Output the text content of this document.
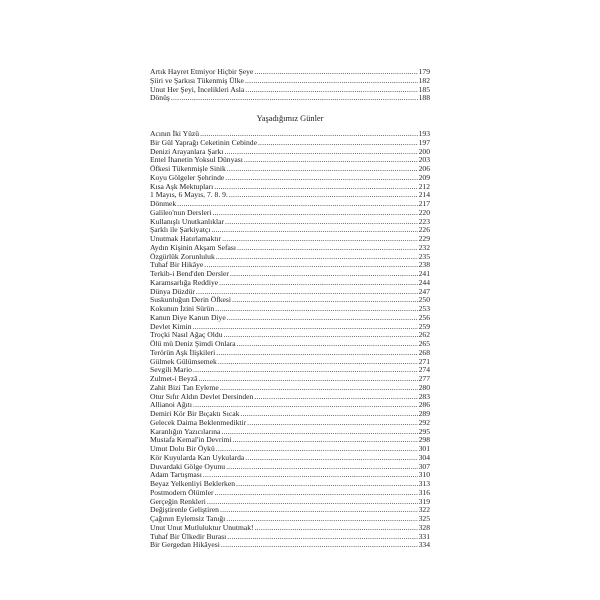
Artık Hayret Etmiyor Hiçbir Şeye .....	179
Şiiri ve Şarkısı Tükenmiş Ülke .....	182
Unut Her Şeyi, İncelikleri Asla .....	185
Dönüş .....	188
Yaşadığımız Günler
Acının İki Yüzü .....	193
Bir Gül Yaprağı Ceketinin Cebinde .....	197
Denizi Arayanlara Şarkı .....	200
Entel İhanetin Yoksul Dünyası .....	203
Öfkesi Tükenmişle Sinik .....	206
Koyu Gölgeler Şehrinde .....	209
Kısa Aşk Mektupları .....	212
1 Mayıs, 6 Mayıs, 7. 8. 9. .....	214
Dönmek .....	217
Galileo'nun Dersleri .....	220
Kullanışlı Unutkanlıklar .....	223
Şarklı ile Şarkiyatçı .....	226
Unutmak Hatırlamaktır .....	229
Aydın Kişinin Akşam Sefası .....	232
Özgürlük Zorunluluk .....	235
Tuhaf Bir Hikâye .....	238
Terkib-i Bend'den Dersler .....	241
Karamsarlığa Reddiye .....	244
Dünya Düzdür .....	247
Suskunluğun Derin Öfkesi .....	250
Kokunun İzini Sürün .....	253
Kanun Diye Kanun Diye .....	256
Devlet Kimin .....	259
Troçki Nasıl Ağaç Oldu .....	262
Ölü mü Deniz Şimdi Onlara .....	265
Terörün Aşk İlişkileri .....	268
Gülmek Gülümsemek .....	271
Sevgili Mario .....	274
Zulmet-i Beyzâ .....	277
Zahit Bizi Tan Eyleme .....	280
Otur Sıfır Aldın Devlet Dersinden .....	283
Allianoi Ağıtı .....	286
Demiri Kör Bir Bıçaktı Sıcak .....	289
Gelecek Daima Beklenmediktir .....	292
Karanlığın Yazıcılarına .....	295
Mustafa Kemal'in Devrimi .....	298
Umut Dolu Bir Öykü .....	301
Kör Kuyularda Kan Uykularda .....	304
Duvardaki Gölge Oyunu .....	307
Adam Tartışması .....	310
Beyaz Yelkenliyi Beklerken .....	313
Postmodern Ölümler .....	316
Gerçeğin Renkleri .....	319
Değiştirenle Geliştiren .....	322
Çağının Eylemsiz Tanığı .....	325
Unut Unut Mutluluktur Unutmak! .....	328
Tuhaf Bir Ülkedir Burası .....	331
Bir Gergedan Hikâyesi .....	334
